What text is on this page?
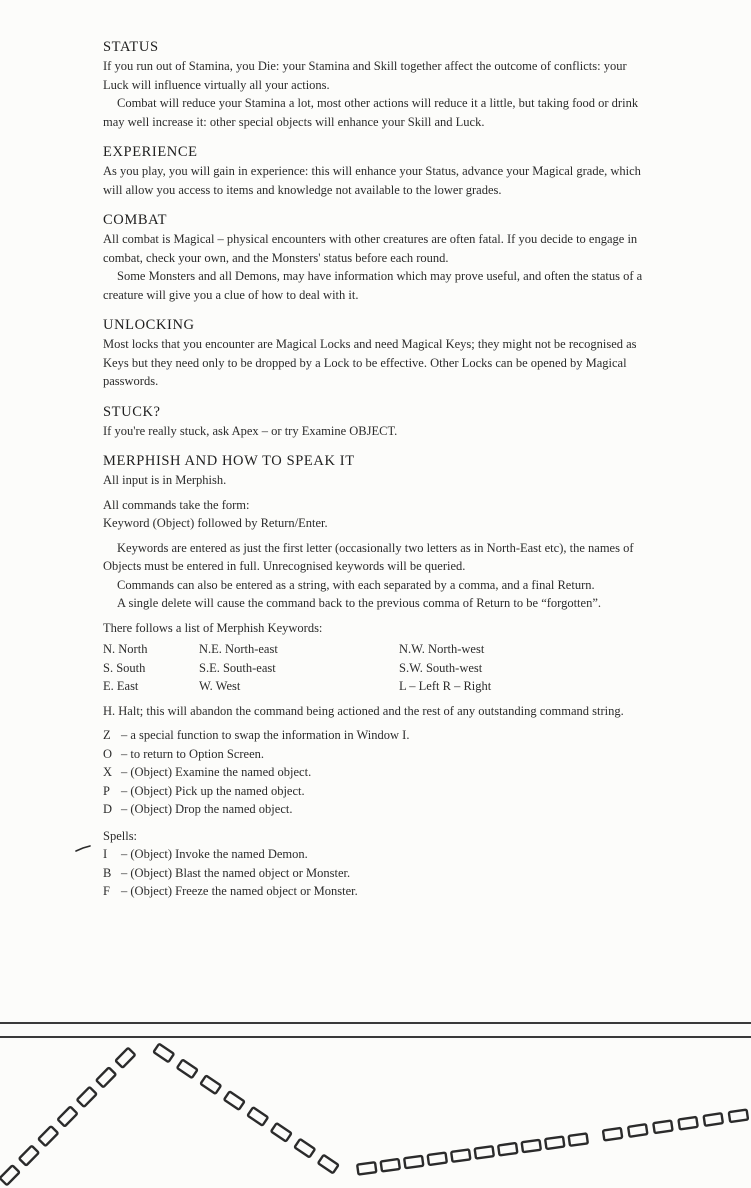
STATUS

If you run out of Stamina, you Die: your Stamina and Skill together affect the outcome of conflicts: your Luck will influence virtually all your actions.

Combat will reduce your Stamina a lot, most other actions will reduce it a little, but taking food or drink may well increase it: other special objects will enhance your Skill and Luck.

EXPERIENCE

As you play, you will gain in experience: this will enhance your Status, advance your Magical grade, which will allow you access to items and knowledge not available to the lower grades.

COMBAT

All combat is Magical – physical encounters with other creatures are often fatal. If you decide to engage in combat, check your own, and the Monsters' status before each round.

Some Monsters and all Demons, may have information which may prove useful, and often the status of a creature will give you a clue of how to deal with it.

UNLOCKING

Most locks that you encounter are Magical Locks and need Magical Keys; they might not be recognised as Keys but they need only to be dropped by a Lock to be effective. Other Locks can be opened by Magical passwords.

STUCK?

If you're really stuck, ask Apex – or try Examine OBJECT.

MERPHISH AND HOW TO SPEAK IT

All input is in Merphish.

All commands take the form:

Keyword (Object) followed by Return/Enter.

Keywords are entered as just the first letter (occasionally two letters as in North-East etc), the names of Objects must be entered in full. Unrecognised keywords will be queried.

Commands can also be entered as a string, with each separated by a comma, and a final Return.

A single delete will cause the command back to the previous comma of Return to be “forgotten”.

There follows a list of Merphish Keywords:

N. North	N.E. North-east	N.W. North-west
S. South	S.E. South-east	S.W. South-west
E. East	W. West	L – Left R – Right

H. Halt; this will abandon the command being actioned and the rest of any outstanding command string.

Z – a special function to swap the information in Window I.
O – to return to Option Screen.
X – (Object) Examine the named object.
P – (Object) Pick up the named object.
D – (Object) Drop the named object.

Spells:

I	– (Object) Invoke the named Demon.
B – (Object) Blast the named object or Monster.
F – (Object) Freeze the named object or Monster.
